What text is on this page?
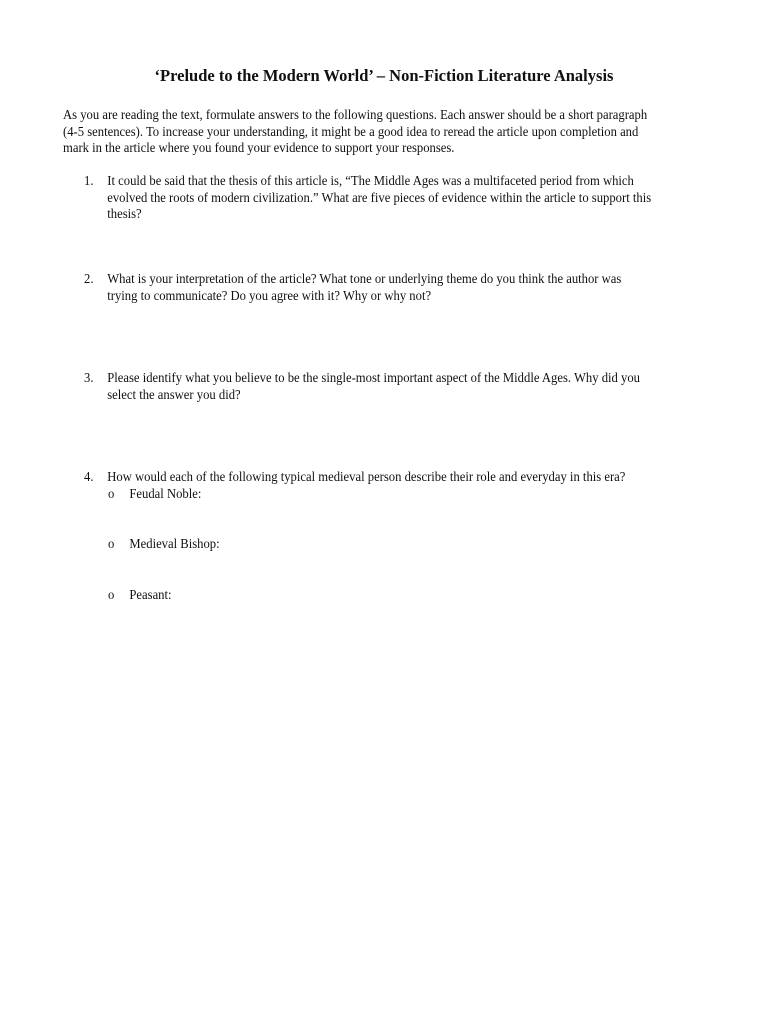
‘Prelude to the Modern World’ – Non-Fiction Literature Analysis
As you are reading the text, formulate answers to the following questions. Each answer should be a short paragraph
(4-5 sentences). To increase your understanding, it might be a good idea to reread the article upon completion and
mark in the article where you found your evidence to support your responses.
1. It could be said that the thesis of this article is, “The Middle Ages was a multifaceted period from which
evolved the roots of modern civilization.” What are five pieces of evidence within the article to support this
thesis?
2. What is your interpretation of the article? What tone or underlying theme do you think the author was
trying to communicate? Do you agree with it? Why or why not?
3. Please identify what you believe to be the single-most important aspect of the Middle Ages. Why did you
select the answer you did?
4. How would each of the following typical medieval person describe their role and everyday in this era?
o Feudal Noble:
o Medieval Bishop:
o Peasant:
